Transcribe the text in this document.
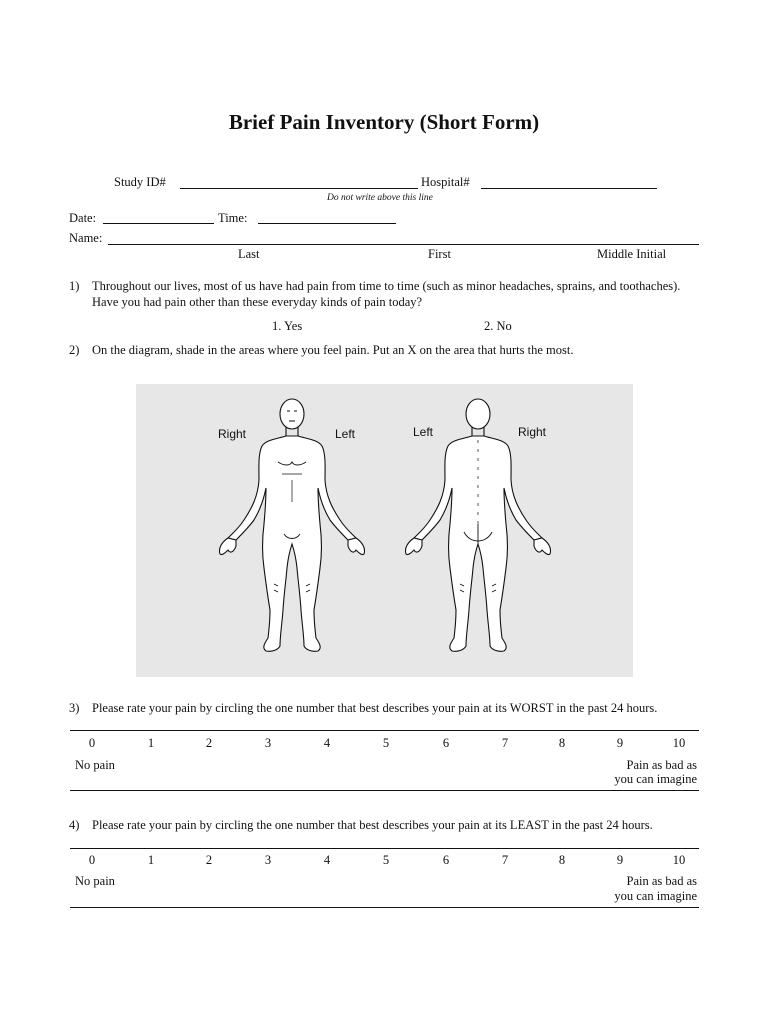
Brief Pain Inventory (Short Form)
Study ID#	Hospital#
Do not write above this line
Date:	Time:
Name:
Last	First	Middle Initial
1) Throughout our lives, most of us have had pain from time to time (such as minor headaches, sprains, and toothaches).
Have you had pain other than these everyday kinds of pain today?
1. Yes	2. No
2) On the diagram, shade in the areas where you feel pain. Put an X on the area that hurts the most.
Right	Left	Left	Right
3) Please rate your pain by circling the one number that best describes your pain at its WORST in the past 24 hours.
0	1	2	3	4	5	6	7	8	9	10
No pain	Pain as bad as
you can imagine
4) Please rate your pain by circling the one number that best describes your pain at its LEAST in the past 24 hours.
0	1	2	3	4	5	6	7	8	9	10
No pain	Pain as bad as
you can imagine
